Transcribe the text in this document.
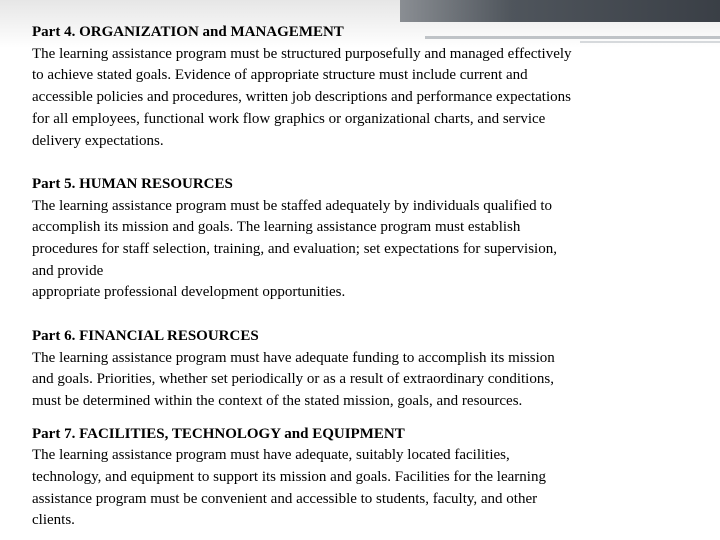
Part 4. ORGANIZATION and MANAGEMENT
The learning assistance program must be structured purposefully and managed effectively
to achieve stated goals. Evidence of appropriate structure must include current and
accessible policies and procedures, written job descriptions and performance expectations
for all employees, functional work flow graphics or organizational charts, and service
delivery expectations.
Part 5. HUMAN RESOURCES
The learning assistance program must be staffed adequately by individuals qualified to
accomplish its mission and goals. The learning assistance program must establish
procedures for staff selection, training, and evaluation; set expectations for supervision,
and provide
appropriate professional development opportunities.
Part 6. FINANCIAL RESOURCES
The learning assistance program must have adequate funding to accomplish its mission
and goals. Priorities, whether set periodically or as a result of extraordinary conditions,
must be determined within the context of the stated mission, goals, and resources.
Part 7. FACILITIES, TECHNOLOGY and EQUIPMENT
The learning assistance program must have adequate, suitably located facilities,
technology, and equipment to support its mission and goals. Facilities for the learning
assistance program must be convenient and accessible to students, faculty, and other
clients.
